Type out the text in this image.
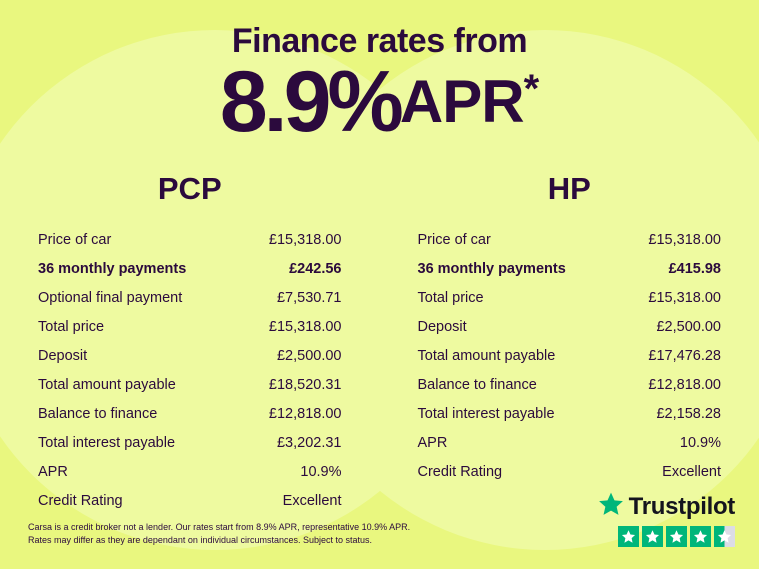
Finance rates from
8.9%APR*
PCP
Price of car	£15,318.00
36 monthly payments	£242.56
Optional final payment	£7,530.71
Total price	£15,318.00
Deposit	£2,500.00
Total amount payable	£18,520.31
Balance to finance	£12,818.00
Total interest payable	£3,202.31
APR	10.9%
Credit Rating	Excellent
HP
Price of car	£15,318.00
36 monthly payments	£415.98
Total price	£15,318.00
Deposit	£2,500.00
Total amount payable	£17,476.28
Balance to finance	£12,818.00
Total interest payable	£2,158.28
APR	10.9%
Credit Rating	Excellent
Carsa is a credit broker not a lender. Our rates start from 8.9% APR, representative 10.9% APR.
Rates may differ as they are dependant on individual circumstances. Subject to status.
Trustpilot
